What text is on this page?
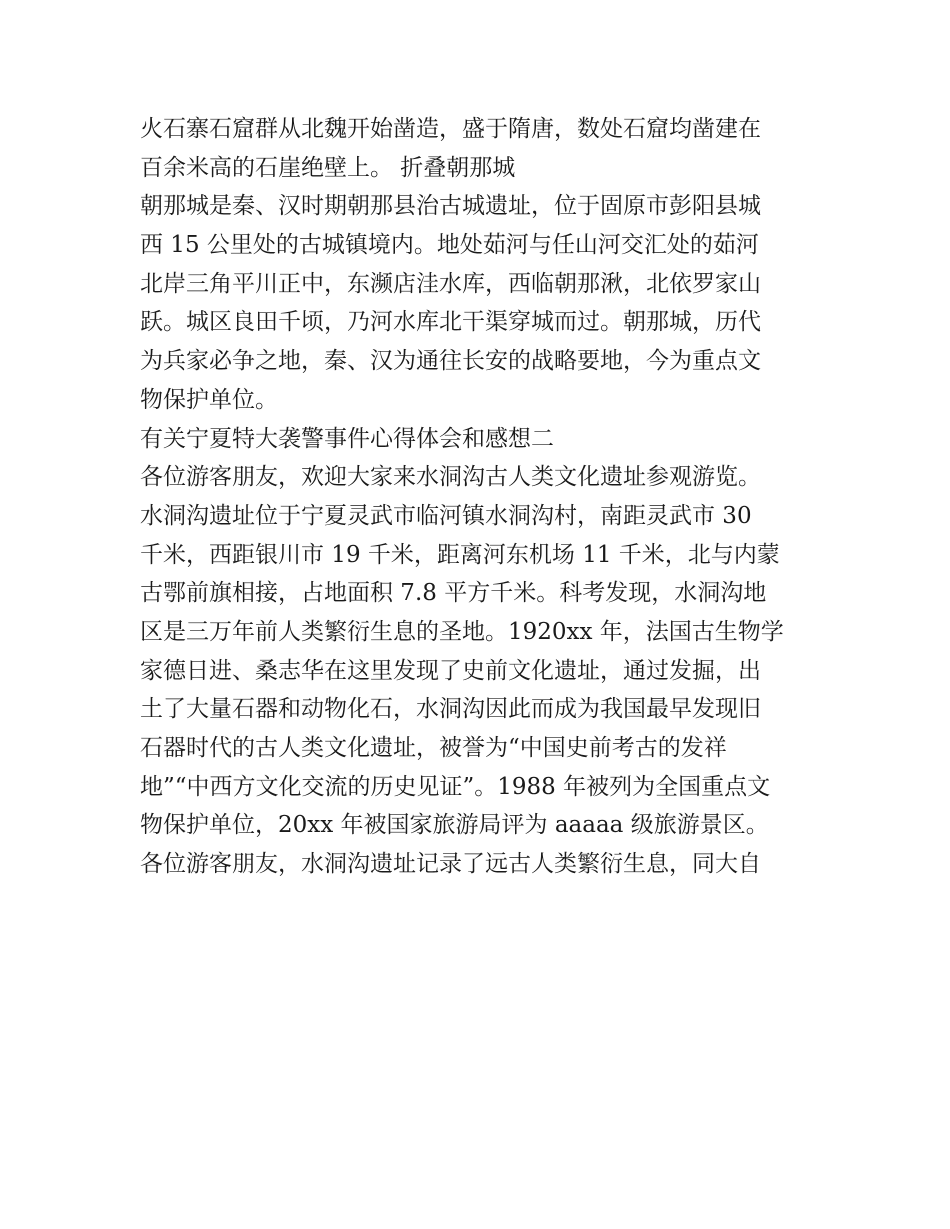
火石寨石窟群从北魏开始凿造，盛于隋唐，数处石窟均凿建在
百余米高的石崖绝壁上。 折叠朝那城
朝那城是秦、汉时期朝那县治古城遗址，位于固原市彭阳县城
西 15 公里处的古城镇境内。地处茹河与任山河交汇处的茹河
北岸三角平川正中，东濒店洼水库，西临朝那湫，北依罗家山
跃。城区良田千顷，乃河水库北干渠穿城而过。朝那城，历代
为兵家必争之地，秦、汉为通往长安的战略要地，今为重点文
物保护单位。
有关宁夏特大袭警事件心得体会和感想二
各位游客朋友，欢迎大家来水洞沟古人类文化遗址参观游览。
水洞沟遗址位于宁夏灵武市临河镇水洞沟村，南距灵武市 30
千米，西距银川市 19 千米，距离河东机场 11 千米，北与内蒙
古鄂前旗相接，占地面积 7.8 平方千米。科考发现，水洞沟地
区是三万年前人类繁衍生息的圣地。1920xx 年，法国古生物学
家德日进、桑志华在这里发现了史前文化遗址，通过发掘，出
土了大量石器和动物化石，水洞沟因此而成为我国最早发现旧
石器时代的古人类文化遗址，被誉为“中国史前考古的发祥
地”“中西方文化交流的历史见证”。1988 年被列为全国重点文
物保护单位，20xx 年被国家旅游局评为 aaaaa 级旅游景区。
各位游客朋友，水洞沟遗址记录了远古人类繁衍生息，同大自
